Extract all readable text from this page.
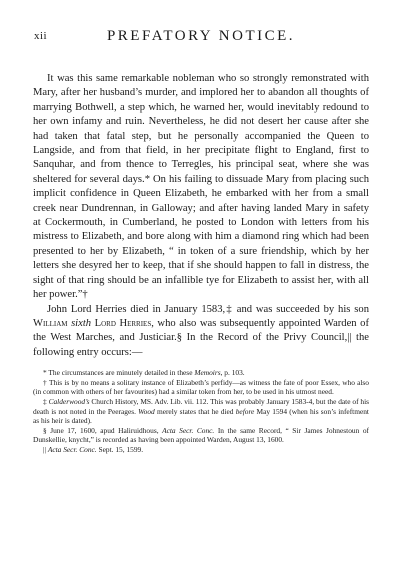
xii	PREFATORY NOTICE.

It was this same remarkable nobleman who so strongly remonstrated with Mary, after her husband’s murder, and implored her to abandon all thoughts of marrying Bothwell, a step which, he warned her, would inevitably redound to her own infamy and ruin. Nevertheless, he did not desert her cause after she had taken that fatal step, but he personally accompanied the Queen to Langside, and from that field, in her precipitate flight to England, first to Sanquhar, and from thence to Terregles, his principal seat, where she was sheltered for several days.* On his failing to dissuade Mary from placing such implicit confidence in Queen Elizabeth, he embarked with her from a small creek near Dundrennan, in Galloway; and after having landed Mary in safety at Cockermouth, in Cumberland, he posted to London with letters from his mistress to Elizabeth, and bore along with him a diamond ring which had been presented to her by Elizabeth, “ in token of a sure friendship, which by her letters she desyred her to keep, that if she should happen to fall in distress, the sight of that ring should be an infallible tye for Elizabeth to assist her, with all her power.”†

John Lord Herries died in January 1583,‡ and was succeeded by his son William sixth Lord Herries, who also was subsequently appointed Warden of the West Marches, and Justiciar.§ In the Record of the Privy Council,|| the following entry occurs:—

* The circumstances are minutely detailed in these Memoirs, p. 103.

† This is by no means a solitary instance of Elizabeth’s perfidy—as witness the fate of poor Essex, who also (in common with others of her favourites) had a similar token from her, to be used in his utmost need.

‡ Calderwood’s Church History, MS. Adv. Lib. vii. 112. This was probably January 1583-4, but the date of his death is not noted in the Peerages. Wood merely states that he died before May 1594 (when his son’s infeftment as his heir is dated).

§ June 17, 1600, apud Haliruidhous, Acta Secr. Conc. In the same Record, “ Sir James Johnestoun of Dunskellie, knycht,” is recorded as having been appointed Warden, August 13, 1600.

|| Acta Secr. Conc. Sept. 15, 1599.
